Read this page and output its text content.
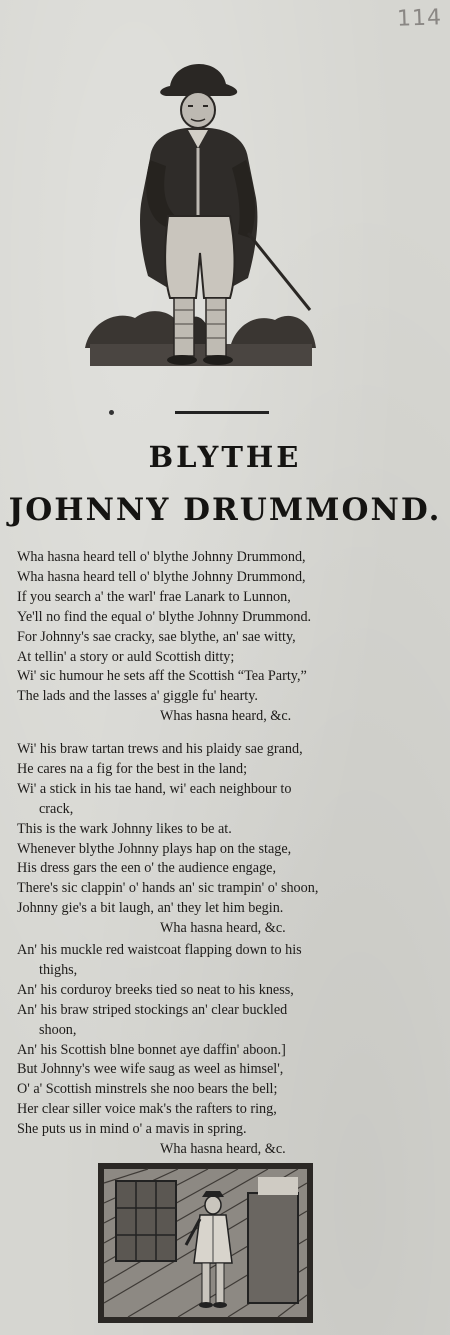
114
BLYTHE
JOHNNY DRUMMOND.
Wha hasna heard tell o' blythe Johnny Drummond,
Wha hasna heard tell o' blythe Johnny Drummond,
If you search a' the warl' frae Lanark to Lunnon,
Ye'll no find the equal o' blythe Johnny Drummond.
For Johnny's sae cracky, sae blythe, an' sae witty,
At tellin' a story or auld Scottish ditty;
Wi' sic humour he sets aff the Scottish “Tea Party,”
The lads and the lasses a' giggle fu' hearty.
Whas hasna heard, &c.
Wi' his braw tartan trews and his plaidy sae grand,
He cares na a fig for the best in the land;
Wi' a stick in his tae hand, wi' each neighbour to
crack,
This is the wark Johnny likes to be at.
Whenever blythe Johnny plays hap on the stage,
His dress gars the een o' the audience engage,
There's sic clappin' o' hands an' sic trampin' o' shoon,
Johnny gie's a bit laugh, an' they let him begin.
Wha hasna heard, &c.
An' his muckle red waistcoat flapping down to his
thighs,
An' his corduroy breeks tied so neat to his kness,
An' his braw striped stockings an' clear buckled
shoon,
An' his Scottish blne bonnet aye daffin' aboon.]
But Johnny's wee wife saug as weel as himsel',
O' a' Scottish minstrels she noo bears the bell;
Her clear siller voice mak's the rafters to ring,
She puts us in mind o' a mavis in spring.
Wha hasna heard, &c.
